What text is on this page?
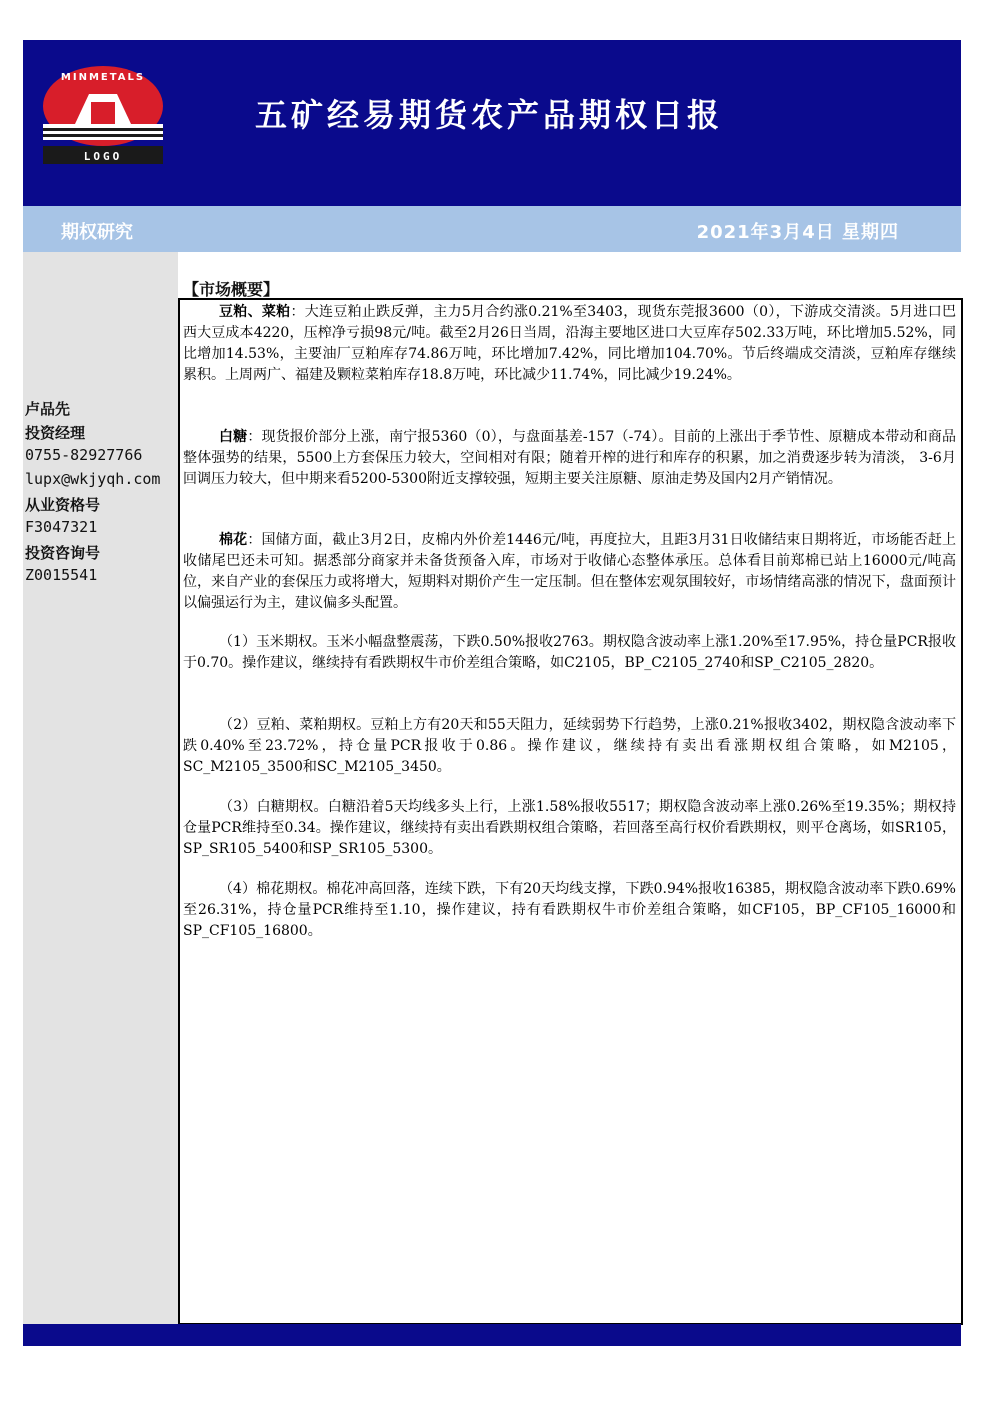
MINMETALS
LOGO
五矿经易期货农产品期权日报
期权研究	2021年3月4日 星期四
卢品先
投资经理
0755-82927766
lupx@wkjyqh.com
从业资格号
F3047321
投资咨询号
Z0015541
【市场概要】
豆粕、菜粕：大连豆粕止跌反弹，主力5月合约涨0.21%至3403，现货东莞报3600（0），下游成交清淡。5月进口巴西大豆成本4220，压榨净亏损98元/吨。截至2月26日当周，沿海主要地区进口大豆库存502.33万吨，环比增加5.52%，同比增加14.53%，主要油厂豆粕库存74.86万吨，环比增加7.42%，同比增加104.70%。节后终端成交清淡，豆粕库存继续累积。上周两广、福建及颗粒菜粕库存18.8万吨，环比减少11.74%，同比减少19.24%。
白糖：现货报价部分上涨，南宁报5360（0），与盘面基差-157（-74）。目前的上涨出于季节性、原糖成本带动和商品整体强势的结果，5500上方套保压力较大，空间相对有限；随着开榨的进行和库存的积累，加之消费逐步转为清淡， 3-6月回调压力较大，但中期来看5200-5300附近支撑较强，短期主要关注原糖、原油走势及国内2月产销情况。
棉花：国储方面，截止3月2日，皮棉内外价差1446元/吨，再度拉大，且距3月31日收储结束日期将近，市场能否赶上收储尾巴还未可知。据悉部分商家并未备货预备入库，市场对于收储心态整体承压。总体看目前郑棉已站上16000元/吨高位，来自产业的套保压力或将增大，短期料对期价产生一定压制。但在整体宏观氛围较好，市场情绪高涨的情况下，盘面预计以偏强运行为主，建议偏多头配置。
（1）玉米期权。玉米小幅盘整震荡，下跌0.50%报收2763。期权隐含波动率上涨1.20%至17.95%，持仓量PCR报收于0.70。操作建议，继续持有看跌期权牛市价差组合策略，如C2105，BP_C2105_2740和SP_C2105_2820。
（2）豆粕、菜粕期权。豆粕上方有20天和55天阻力，延续弱势下行趋势，上涨0.21%报收3402，期权隐含波动率下跌0.40%至23.72%，持仓量PCR报收于0.86。操作建议，继续持有卖出看涨期权组合策略，如M2105，SC_M2105_3500和SC_M2105_3450。
（3）白糖期权。白糖沿着5天均线多头上行，上涨1.58%报收5517；期权隐含波动率上涨0.26%至19.35%；期权持仓量PCR维持至0.34。操作建议，继续持有卖出看跌期权组合策略，若回落至高行权价看跌期权，则平仓离场，如SR105，SP_SR105_5400和SP_SR105_5300。
（4）棉花期权。棉花冲高回落，连续下跌，下有20天均线支撑，下跌0.94%报收16385，期权隐含波动率下跌0.69%至26.31%，持仓量PCR维持至1.10，操作建议，持有看跌期权牛市价差组合策略，如CF105，BP_CF105_16000和SP_CF105_16800。
